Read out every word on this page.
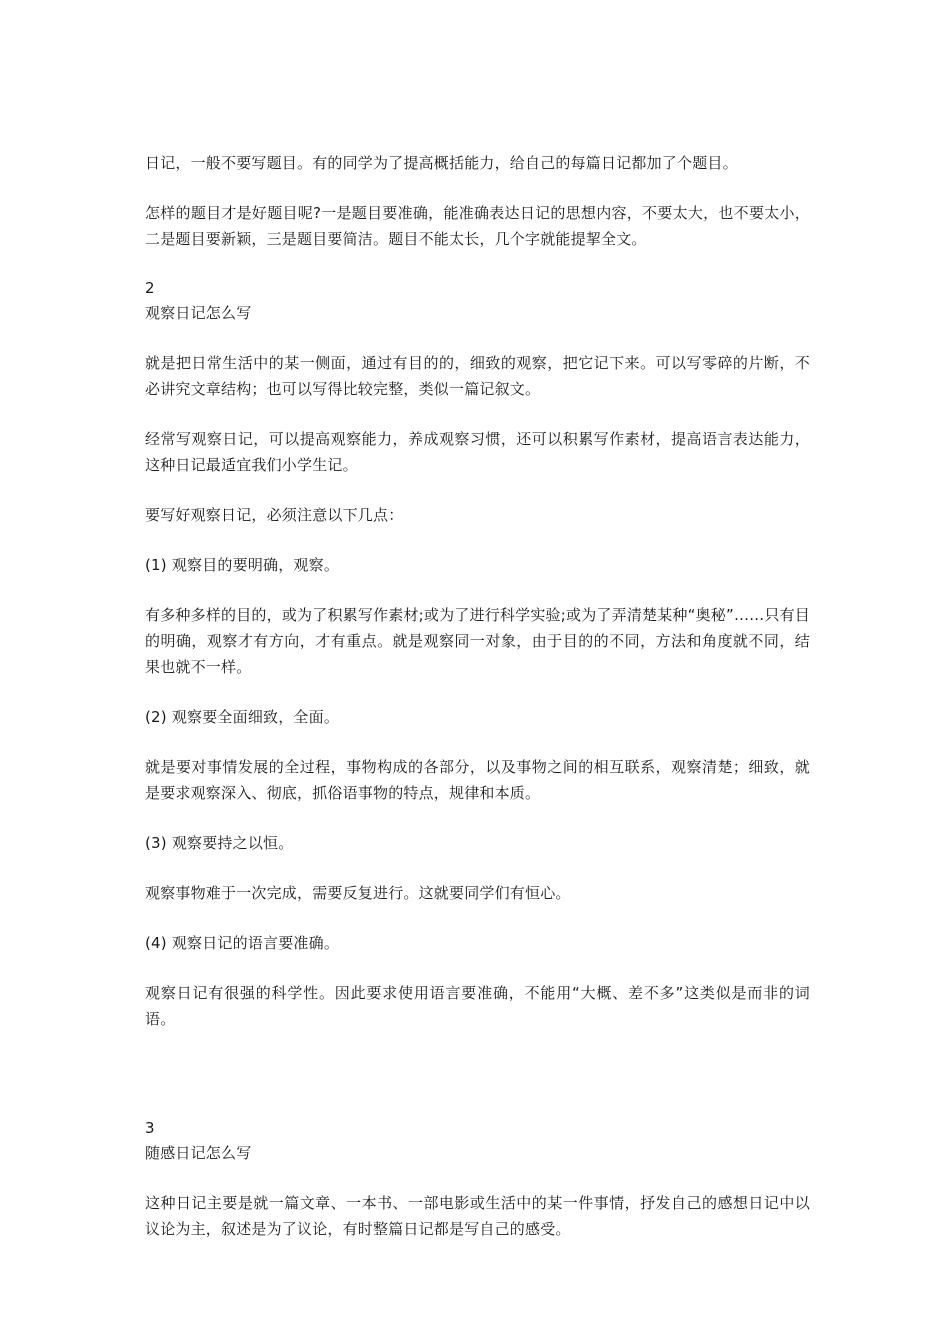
日记，一般不要写题目。有的同学为了提高概括能力，给自己的每篇日记都加了个题目。

怎样的题目才是好题目呢?一是题目要准确，能准确表达日记的思想内容，不要太大，也不要太小，二是题目要新颖，三是题目要简洁。题目不能太长，几个字就能提挈全文。

2
观察日记怎么写

就是把日常生活中的某一侧面，通过有目的的，细致的观察，把它记下来。可以写零碎的片断，不必讲究文章结构；也可以写得比较完整，类似一篇记叙文。

经常写观察日记，可以提高观察能力，养成观察习惯，还可以积累写作素材，提高语言表达能力，这种日记最适宜我们小学生记。

要写好观察日记，必须注意以下几点：

(1) 观察目的要明确，观察。

有多种多样的目的，或为了积累写作素材;或为了进行科学实验;或为了弄清楚某种“奥秘”……只有目的明确，观察才有方向，才有重点。就是观察同一对象，由于目的的不同，方法和角度就不同，结果也就不一样。

(2) 观察要全面细致，全面。

就是要对事情发展的全过程，事物构成的各部分，以及事物之间的相互联系，观察清楚；细致，就是要求观察深入、彻底，抓俗语事物的特点，规律和本质。

(3) 观察要持之以恒。

观察事物难于一次完成，需要反复进行。这就要同学们有恒心。

(4) 观察日记的语言要准确。

观察日记有很强的科学性。因此要求使用语言要准确，不能用“大概、差不多”这类似是而非的词语。

3
随感日记怎么写

这种日记主要是就一篇文章、一本书、一部电影或生活中的某一件事情，抒发自己的感想日记中以议论为主，叙述是为了议论，有时整篇日记都是写自己的感受。
